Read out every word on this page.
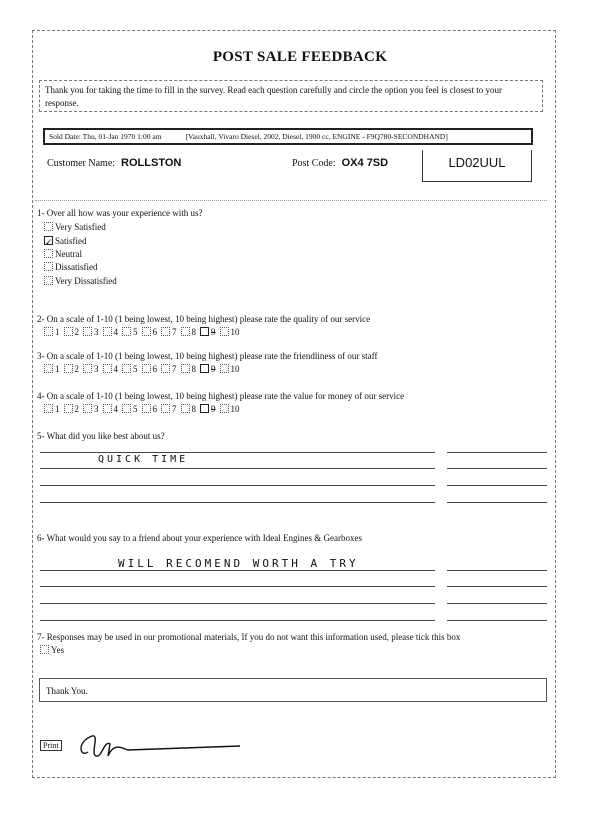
POST SALE FEEDBACK
Thank you for taking the time to fill in the survey. Read each question carefully and circle the option you feel is closest to your response.
Sold Date: Thu, 01-Jan 1970 1:00 am	[Vauxhall, Vivaro Diesel, 2002, Diesel, 1900 cc, ENGINE - F9Q780-SECONDHAND]
Customer Name: ROLLSTON	Post Code: OX4 7SD	LD02UUL
1- Over all how was your experience with us?
Very Satisfied
✓ Satisfied
Neutral
Dissatisfied
Very Dissatisfied
2- On a scale of 1-10 (1 being lowest, 10 being highest) please rate the quality of our service
1 2 3 4 5 6 7 8 9 10
3- On a scale of 1-10 (1 being lowest, 10 being highest) please rate the friendliness of our staff
1 2 3 4 5 6 7 8 9 10
4- On a scale of 1-10 (1 being lowest, 10 being highest) please rate the value for money of our service
1 2 3 4 5 6 7 8 9 10
5- What did you like best about us?
QUICK TIME
6- What would you say to a friend about your experience with Ideal Engines & Gearboxes
WILL RECOMEND WORTH A TRY
7- Responses may be used in our promotional materials, If you do not want this information used, please tick this box
Yes
Thank You.
Print
